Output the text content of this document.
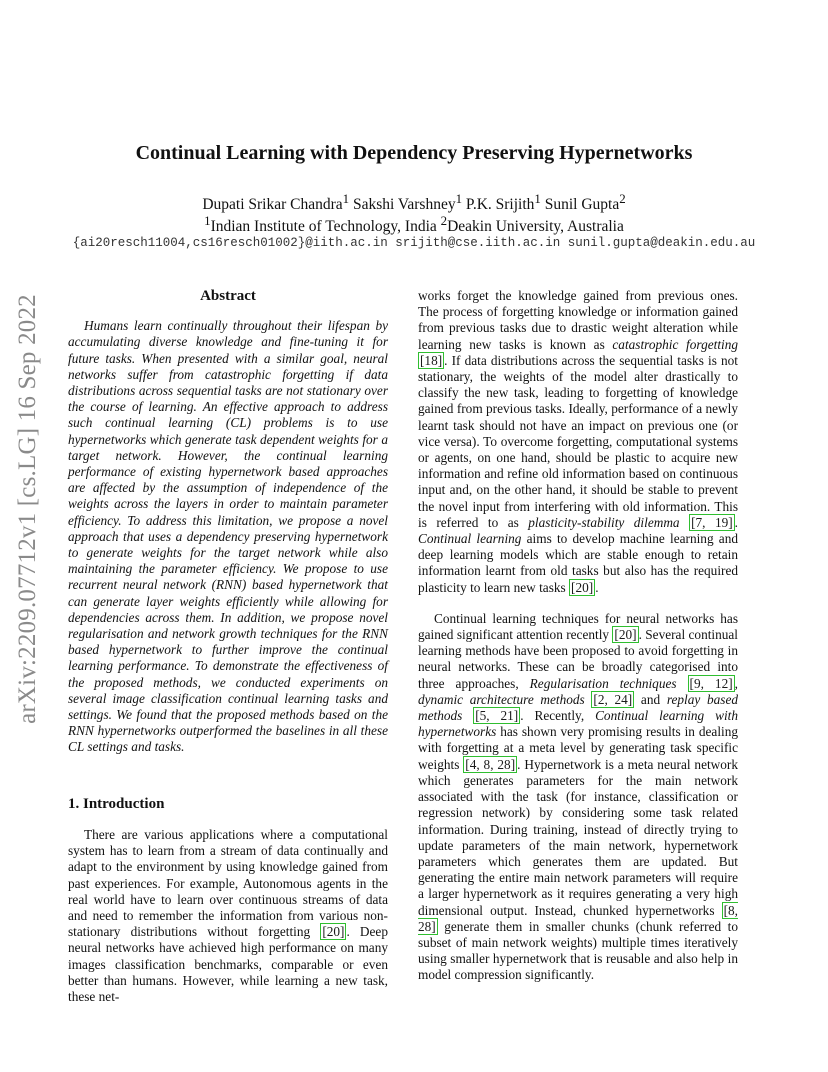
arXiv:2209.07712v1 [cs.LG] 16 Sep 2022
Continual Learning with Dependency Preserving Hypernetworks
Dupati Srikar Chandra$^1$ Sakshi Varshney$^1$ P.K. Srijith$^1$ Sunil Gupta$^2$
$^1$Indian Institute of Technology, India $^2$Deakin University, Australia
{ai20resch11004,cs16resch01002}@iith.ac.in srijith@cse.iith.ac.in sunil.gupta@deakin.edu.au
Abstract

Humans learn continually throughout their lifespan by accumulating diverse knowledge and fine-tuning it for future tasks. When presented with a similar goal, neural networks suffer from catastrophic forgetting if data distributions across sequential tasks are not stationary over the course of learning. An effective approach to address such continual learning (CL) problems is to use hypernetworks which generate task dependent weights for a target network. However, the continual learning performance of existing hypernetwork based approaches are affected by the assumption of independence of the weights across the layers in order to maintain parameter efficiency. To address this limitation, we propose a novel approach that uses a dependency preserving hypernetwork to generate weights for the target network while also maintaining the parameter efficiency. We propose to use recurrent neural network (RNN) based hypernetwork that can generate layer weights efficiently while allowing for dependencies across them. In addition, we propose novel regularisation and network growth techniques for the RNN based hypernetwork to further improve the continual learning performance. To demonstrate the effectiveness of the proposed methods, we conducted experiments on several image classification continual learning tasks and settings. We found that the proposed methods based on the RNN hypernetworks outperformed the baselines in all these CL settings and tasks.

1. Introduction

There are various applications where a computational system has to learn from a stream of data continually and adapt to the environment by using knowledge gained from past experiences. For example, Autonomous agents in the real world have to learn over continuous streams of data and need to remember the information from various non-stationary distributions without forgetting [20] . Deep neural networks have achieved high performance on many images classification benchmarks, comparable or even better than humans. However, while learning a new task, these net-

works forget the knowledge gained from previous ones. The process of forgetting knowledge or information gained from previous tasks due to drastic weight alteration while learning new tasks is known as catastrophic forgetting [18] . If data distributions across the sequential tasks is not stationary, the weights of the model alter drastically to classify the new task, leading to forgetting of knowledge gained from previous tasks. Ideally, performance of a newly learnt task should not have an impact on previous one (or vice versa). To overcome forgetting, computational systems or agents, on one hand, should be plastic to acquire new information and refine old information based on continuous input and, on the other hand, it should be stable to prevent the novel input from interfering with old information. This is referred to as plasticity-stability dilemma [7, 19] . Continual learning aims to develop machine learning and deep learning models which are stable enough to retain information learnt from old tasks but also has the required plasticity to learn new tasks [20] .

Continual learning techniques for neural networks has gained significant attention recently [20] . Several continual learning methods have been proposed to avoid forgetting in neural networks. These can be broadly categorised into three approaches, Regularisation techniques [9, 12] , dynamic architecture methods [2, 24] and replay based methods [5, 21] . Recently, Continual learning with hypernetworks has shown very promising results in dealing with forgetting at a meta level by generating task specific weights [4, 8, 28] . Hypernetwork is a meta neural network which generates parameters for the main network associated with the task (for instance, classification or regression network) by considering some task related information. During training, instead of directly trying to update parameters of the main network, hypernetwork parameters which generates them are updated. But generating the entire main network parameters will require a larger hypernetwork as it requires generating a very high dimensional output. Instead, chunked hypernetworks [8, 28] generate them in smaller chunks (chunk referred to subset of main network weights) multiple times iteratively using smaller hypernetwork that is reusable and also help in model compression significantly.
